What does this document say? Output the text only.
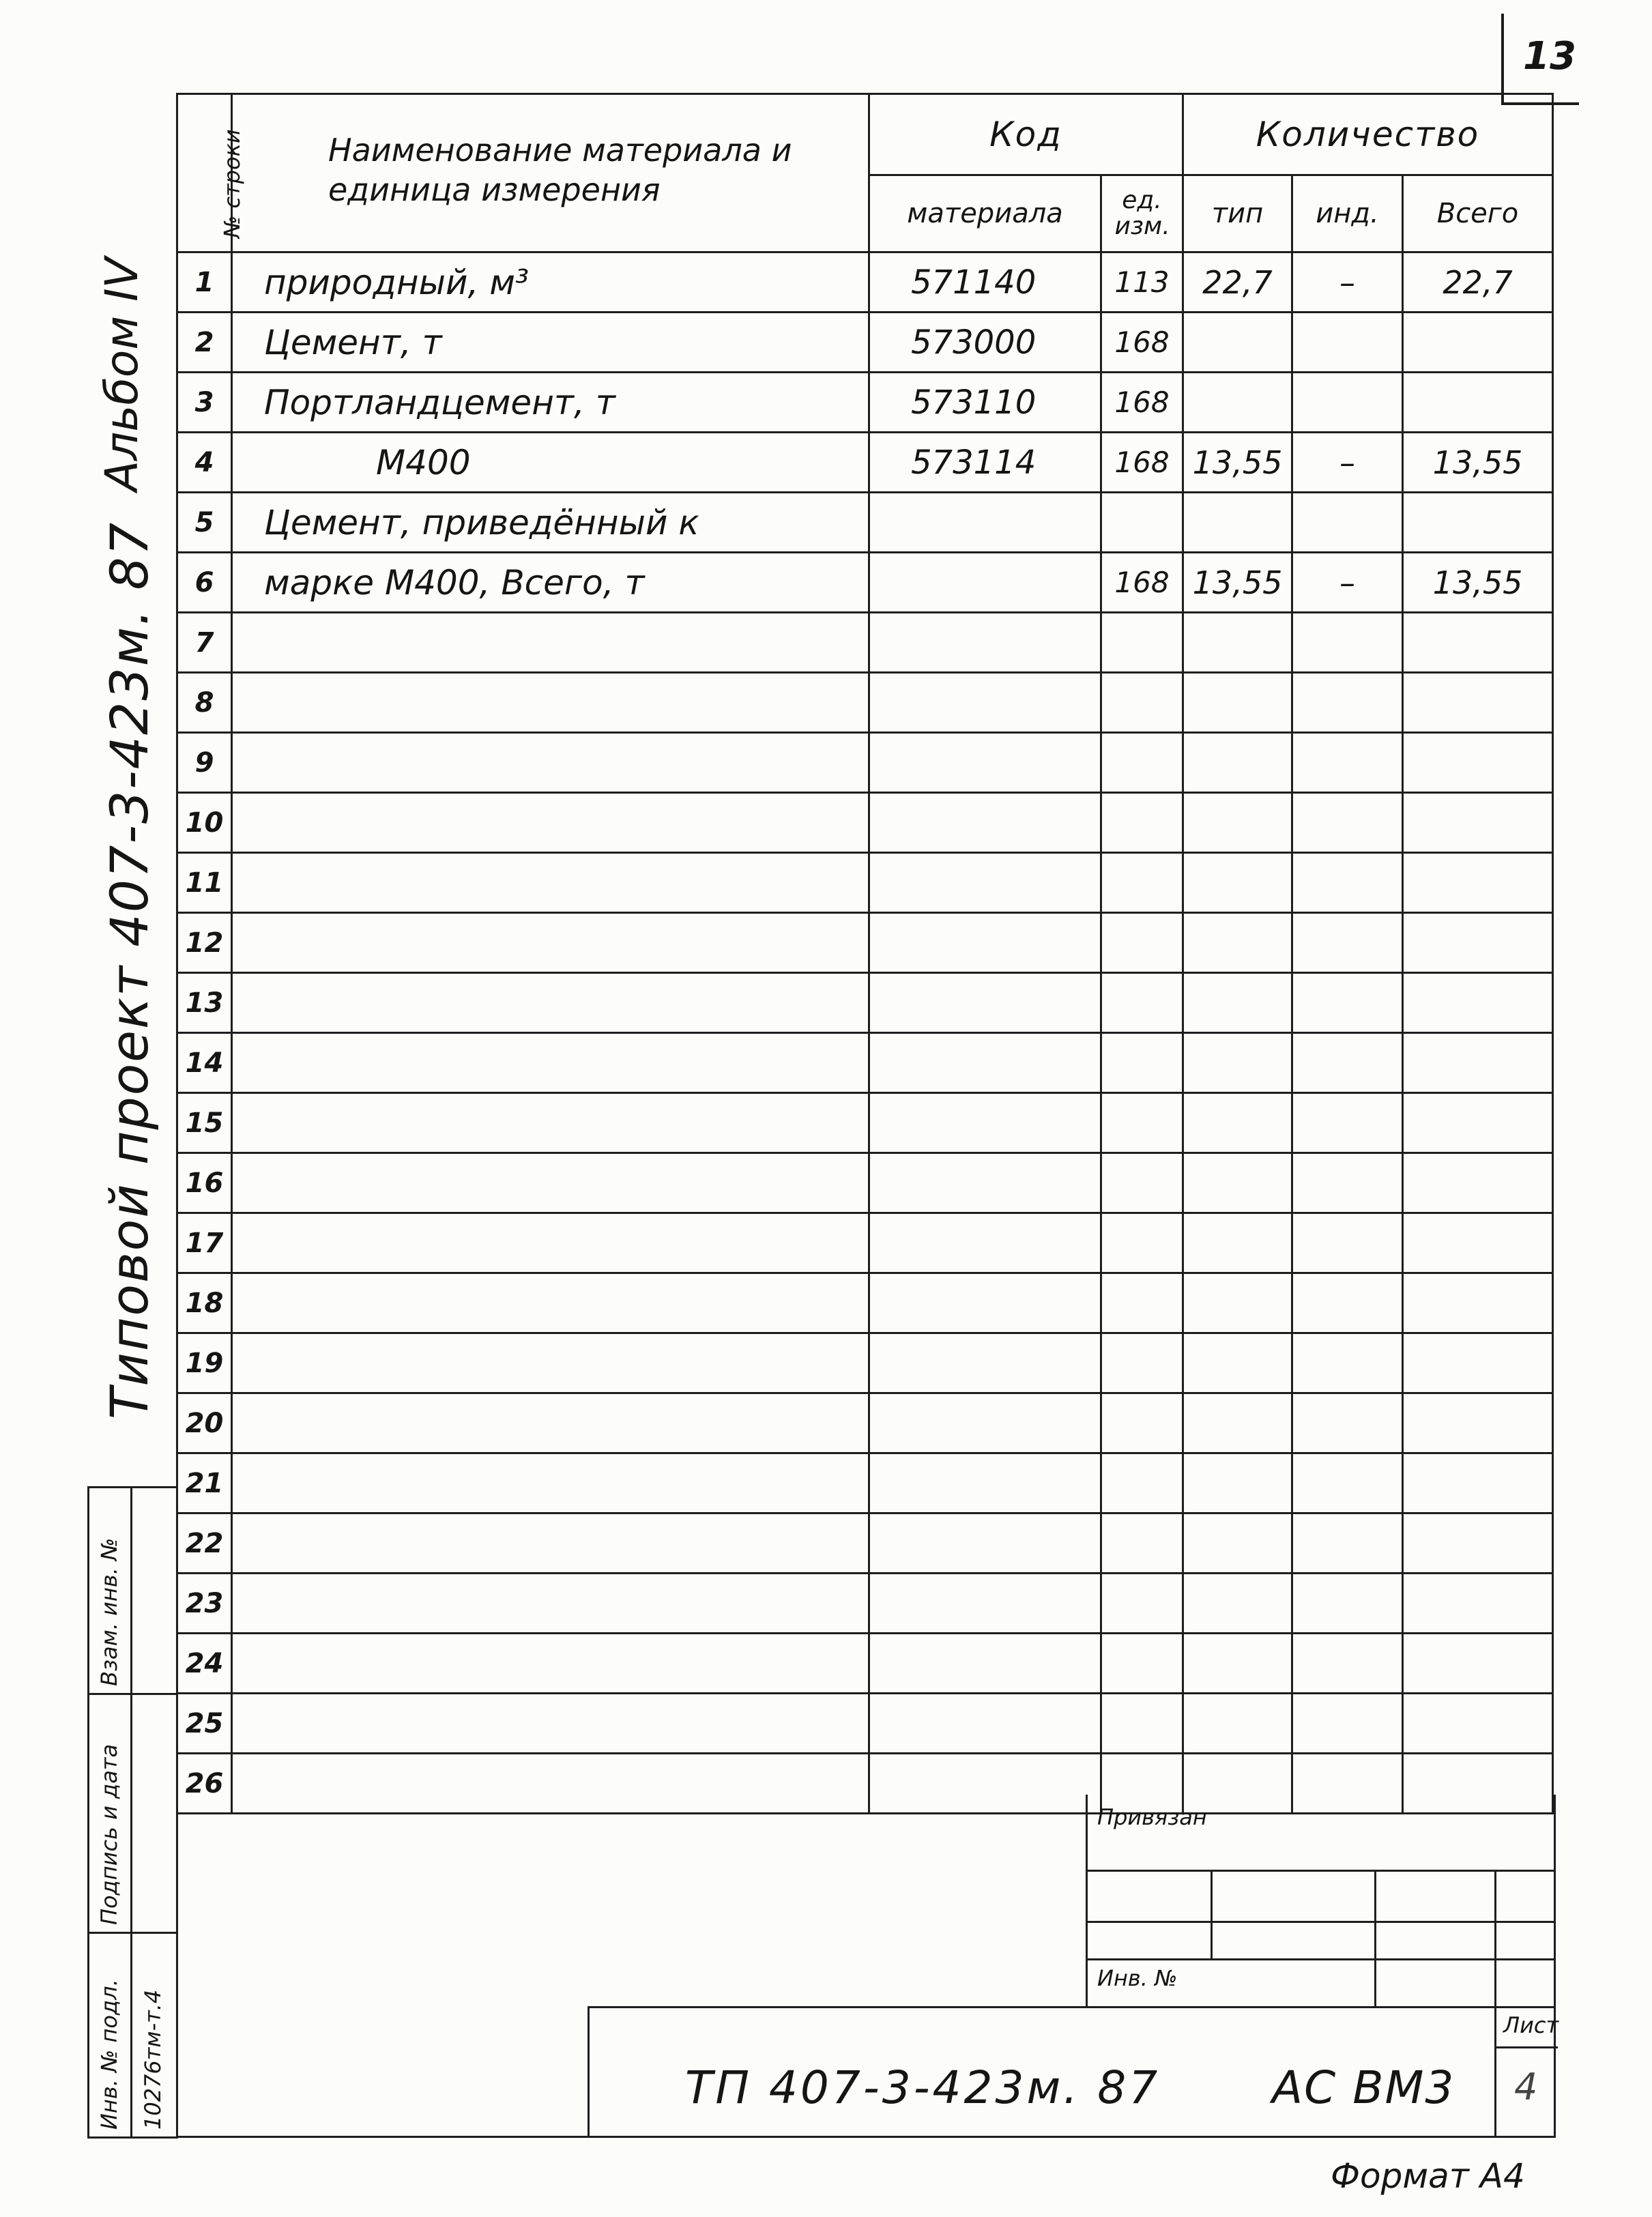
13
Альбом IV
Типовой проект 407-3-423м. 87
№ строки	Наименование материала и единица измерения	Код		Количество		
		материала	ед. изм.	тип	инд.	Всего
1	природный, м³	571140	113	22,7	–	22,7
2	Цемент, т	573000	168			
3	Портландцемент, т	573110	168			
4	М400	573114	168	13,55	–	13,55
5	Цемент, приведённый к					
6	марке М400, Всего, т		168	13,55	–	13,55
7						
8						
9						
10						
11						
12						
13						
14						
15						
16						
17						
18						
19						
20						
21						
22						
23						
24						
25						
26						
Взам. инв. №
Подпись и дата
Инв. № подл. 10276тм-т.4
Привязан
Инв. №
ТП 407-3-423м. 87 АС ВМ3
Лист
4
Формат А4
